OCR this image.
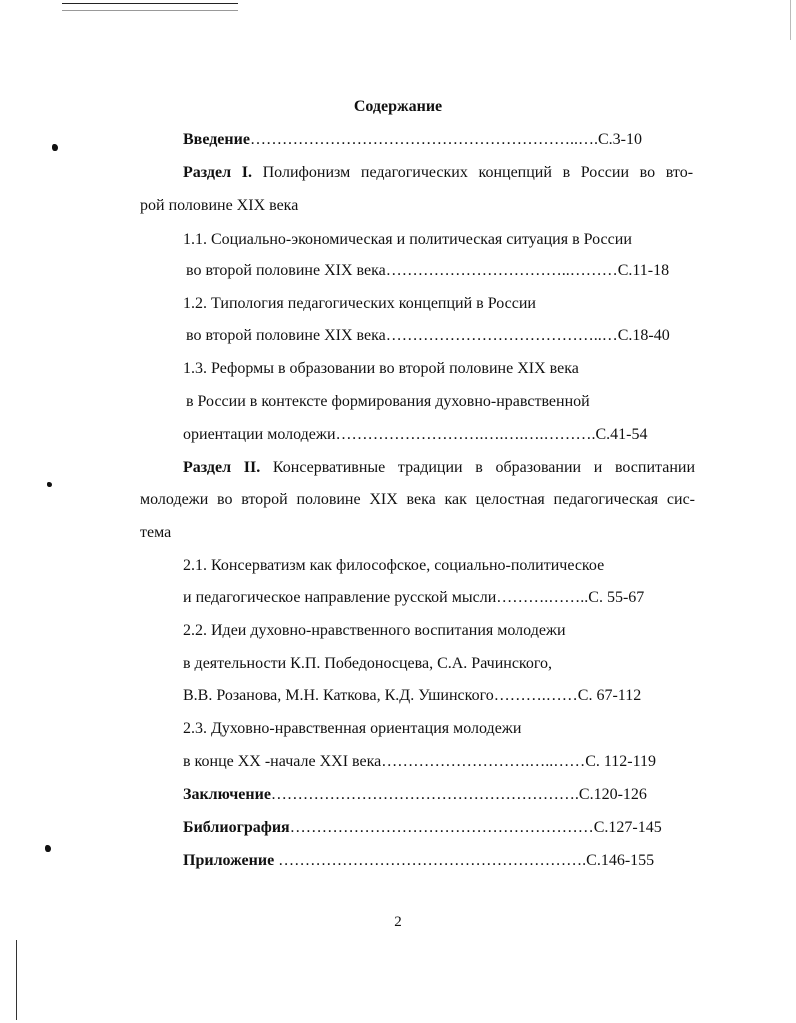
Содержание
Введение……………………………………………………..….С.3-10
Раздел I. Полифонизм педагогических концепций в России во вто-
рой половине XIX века
1.1. Социально-экономическая и политическая ситуация в России
во второй половине XIX века……………………………..………С.11-18
1.2. Типология педагогических концепций в России
во второй половине XIX века…………………………………..…С.18-40
1.3. Реформы в образовании во второй половине XIX века
в России в контексте формирования духовно-нравственной
ориентации молодежи……………………….….….….……….С.41-54
Раздел II. Консервативные традиции в образовании и воспитании
молодежи во второй половине XIX века как целостная педагогическая сис-
тема
2.1. Консерватизм как философское, социально-политическое
и педагогическое направление русской мысли……….……..С. 55-67
2.2. Идеи духовно-нравственного воспитания молодежи
в деятельности К.П. Победоносцева, С.А. Рачинского,
В.В. Розанова, М.Н. Каткова, К.Д. Ушинского……….……С. 67-112
2.3. Духовно-нравственная ориентация молодежи
в конце XX -начале XXI века……………………….…..……С. 112-119
Заключение………………………………………………….С.120-126
Библиография…………………………………………………С.127-145
Приложение ………………………………………………….С.146-155
2
